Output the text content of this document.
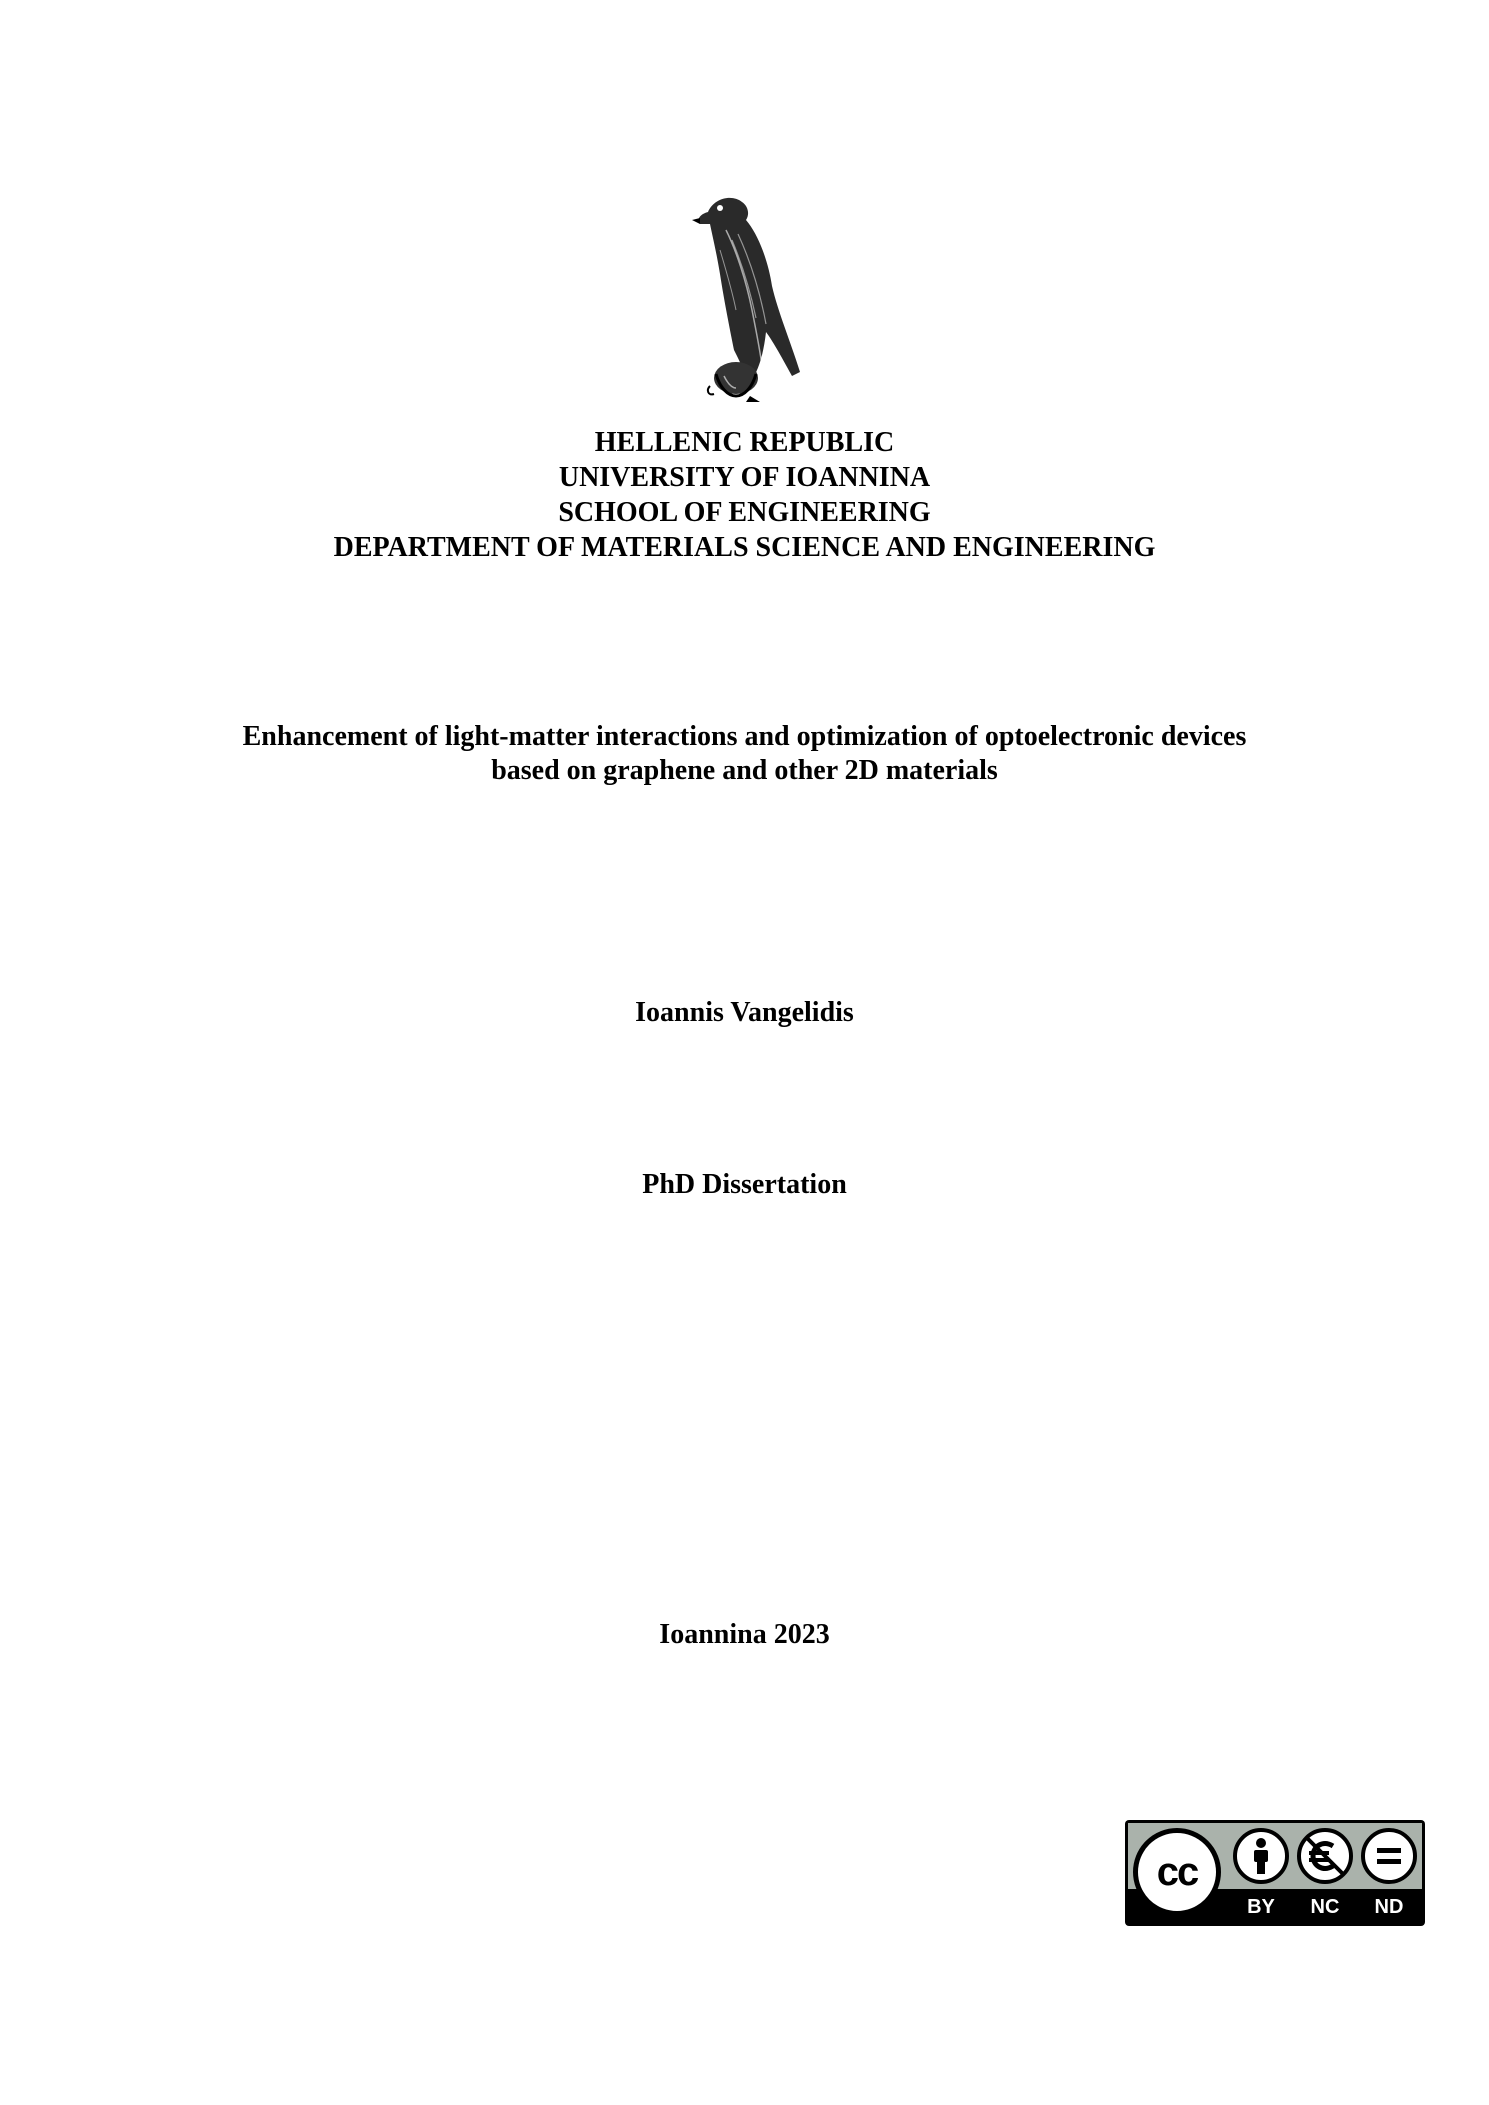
HELLENIC REPUBLIC
UNIVERSITY OF IOANNINA
SCHOOL OF ENGINEERING
DEPARTMENT OF MATERIALS SCIENCE AND ENGINEERING
Enhancement of light-matter interactions and optimization of optoelectronic devices
based on graphene and other 2D materials
Ioannis Vangelidis
PhD Dissertation
Ioannina 2023
cc
BY	NC	ND
